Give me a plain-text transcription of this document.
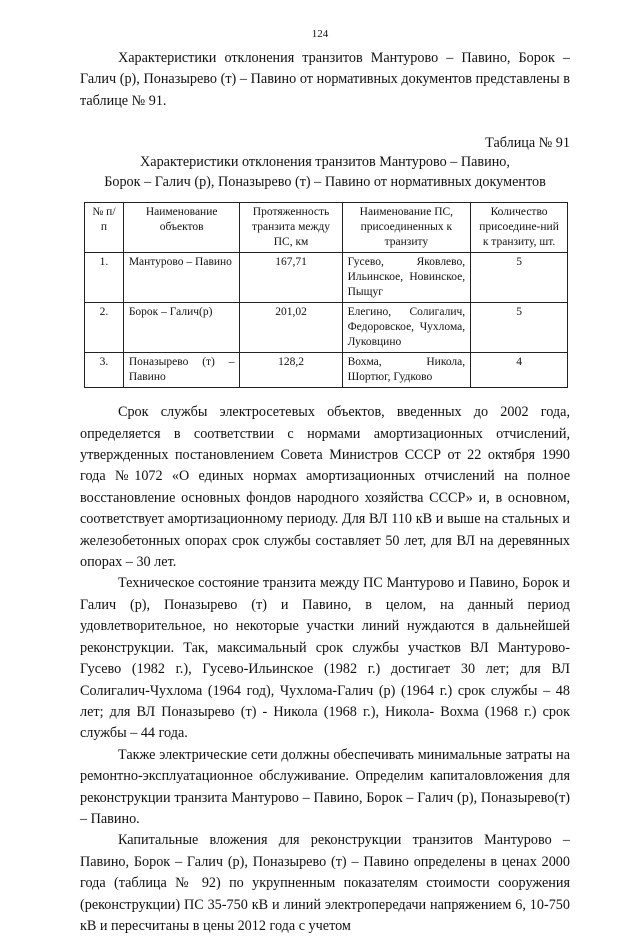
124

Характеристики отклонения транзитов Мантурово – Павино, Борок – Галич (р), Поназырево (т) – Павино от нормативных документов представлены в таблице № 91.

Таблица № 91
Характеристики отклонения транзитов Мантурово – Павино,
Борок – Галич (р), Поназырево (т) – Павино от нормативных документов
№ п/п	Наименование объектов	Протяженность транзита между ПС, км	Наименование ПС, присоединенных к транзиту	Количество присоедине-ний к транзиту, шт.
1.	Мантурово – Павино	167,71	Гусево, Яковлево, Ильинское, Новинское, Пыщуг	5
2.	Борок – Галич(р)	201,02	Елегино, Солигалич, Федоровское, Чухлома, Луковцино	5
3.	Поназырево (т) – Павино	128,2	Вохма, Никола, Шортюг, Гудково	4

Срок службы электросетевых объектов, введенных до 2002 года, определяется в соответствии с нормами амортизационных отчислений, утвержденных постановлением Совета Министров СССР от 22 октября 1990 года №1072 «О единых нормах амортизационных отчислений на полное восстановление основных фондов народного хозяйства СССР» и, в основном, соответствует амортизационному периоду. Для ВЛ 110 кВ и выше на стальных и железобетонных опорах срок службы составляет 50 лет, для ВЛ на деревянных опорах – 30 лет.

Техническое состояние транзита между ПС Мантурово и Павино, Борок и Галич (р), Поназырево (т) и Павино, в целом, на данный период удовлетворительное, но некоторые участки линий нуждаются в дальнейшей реконструкции. Так, максимальный срок службы участков ВЛ Мантурово-Гусево (1982 г.), Гусево-Ильинское (1982 г.) достигает 30 лет; для ВЛ Солигалич-Чухлома (1964 год), Чухлома-Галич (р) (1964 г.) срок службы – 48 лет; для ВЛ Поназырево (т) - Никола (1968 г.), Никола- Вохма (1968 г.) срок службы – 44 года.

Также электрические сети должны обеспечивать минимальные затраты на ремонтно-эксплуатационное обслуживание. Определим капиталовложения для реконструкции транзита Мантурово – Павино, Борок – Галич (р), Поназырево(т) – Павино.

Капитальные вложения для реконструкции транзитов Мантурово – Павино, Борок – Галич (р), Поназырево (т) – Павино определены в ценах 2000 года (таблица № 92) по укрупненным показателям стоимости сооружения (реконструкции) ПС 35-750 кВ и линий электропередачи напряжением 6, 10-750 кВ и пересчитаны в цены 2012 года с учетом
